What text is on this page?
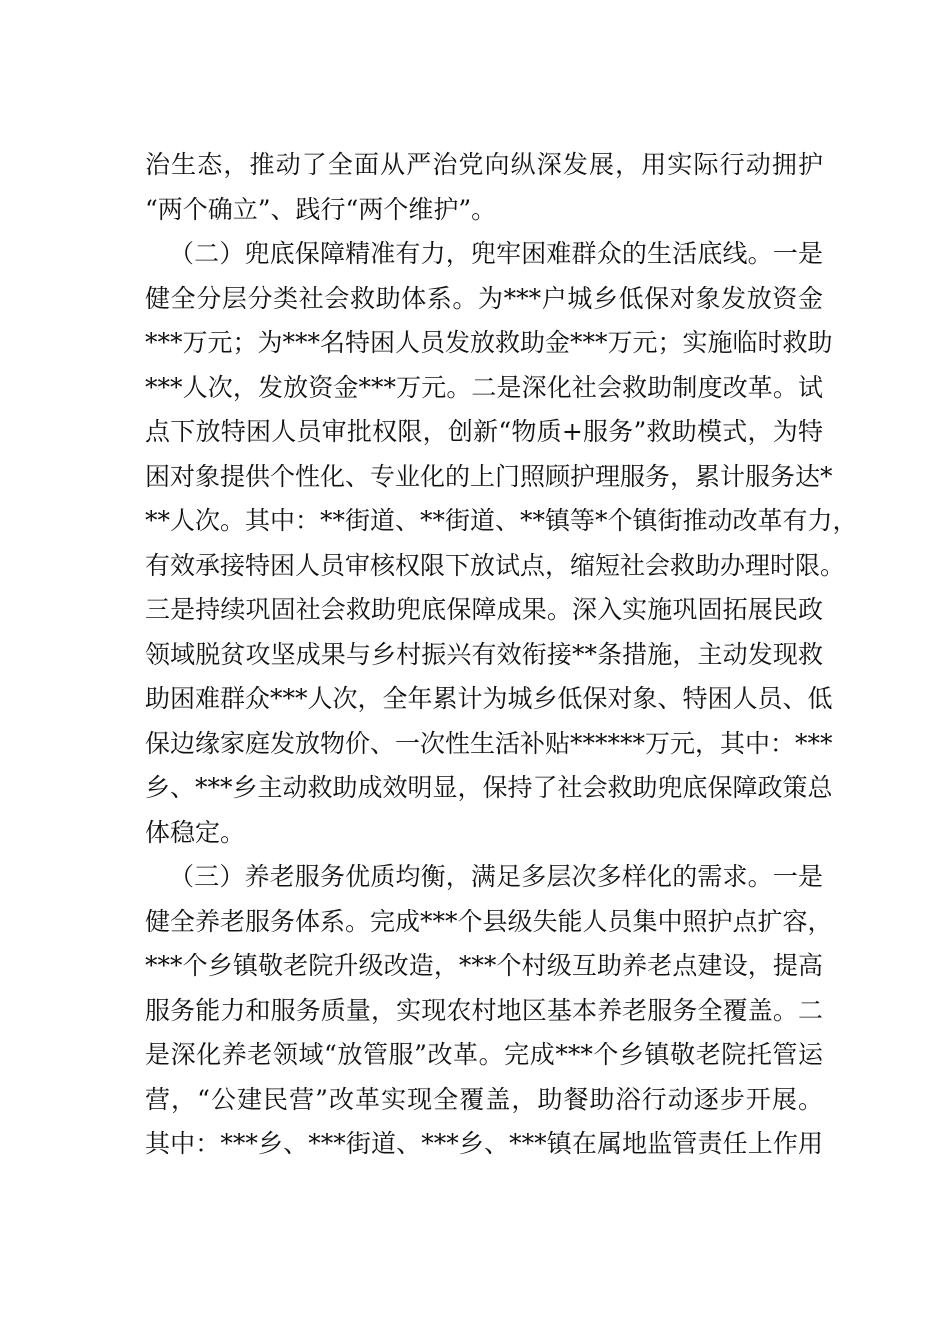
治生态，推动了全面从严治党向纵深发展，用实际行动拥护
“两个确立”、践行“两个维护”。
（二）兜底保障精准有力，兜牢困难群众的生活底线。一是
健全分层分类社会救助体系。为***户城乡低保对象发放资金
***万元；为***名特困人员发放救助金***万元；实施临时救助
***人次，发放资金***万元。二是深化社会救助制度改革。试
点下放特困人员审批权限，创新“物质+服务”救助模式，为特
困对象提供个性化、专业化的上门照顾护理服务，累计服务达*
**人次。其中：**街道、**街道、**镇等*个镇街推动改革有力，
有效承接特困人员审核权限下放试点，缩短社会救助办理时限。
三是持续巩固社会救助兜底保障成果。深入实施巩固拓展民政
领域脱贫攻坚成果与乡村振兴有效衔接**条措施，主动发现救
助困难群众***人次，全年累计为城乡低保对象、特困人员、低
保边缘家庭发放物价、一次性生活补贴******万元，其中：***
乡、***乡主动救助成效明显，保持了社会救助兜底保障政策总
体稳定。
（三）养老服务优质均衡，满足多层次多样化的需求。一是
健全养老服务体系。完成***个县级失能人员集中照护点扩容，
***个乡镇敬老院升级改造，***个村级互助养老点建设，提高
服务能力和服务质量，实现农村地区基本养老服务全覆盖。二
是深化养老领域“放管服”改革。完成***个乡镇敬老院托管运
营，“公建民营”改革实现全覆盖，助餐助浴行动逐步开展。
其中：***乡、***街道、***乡、***镇在属地监管责任上作用
